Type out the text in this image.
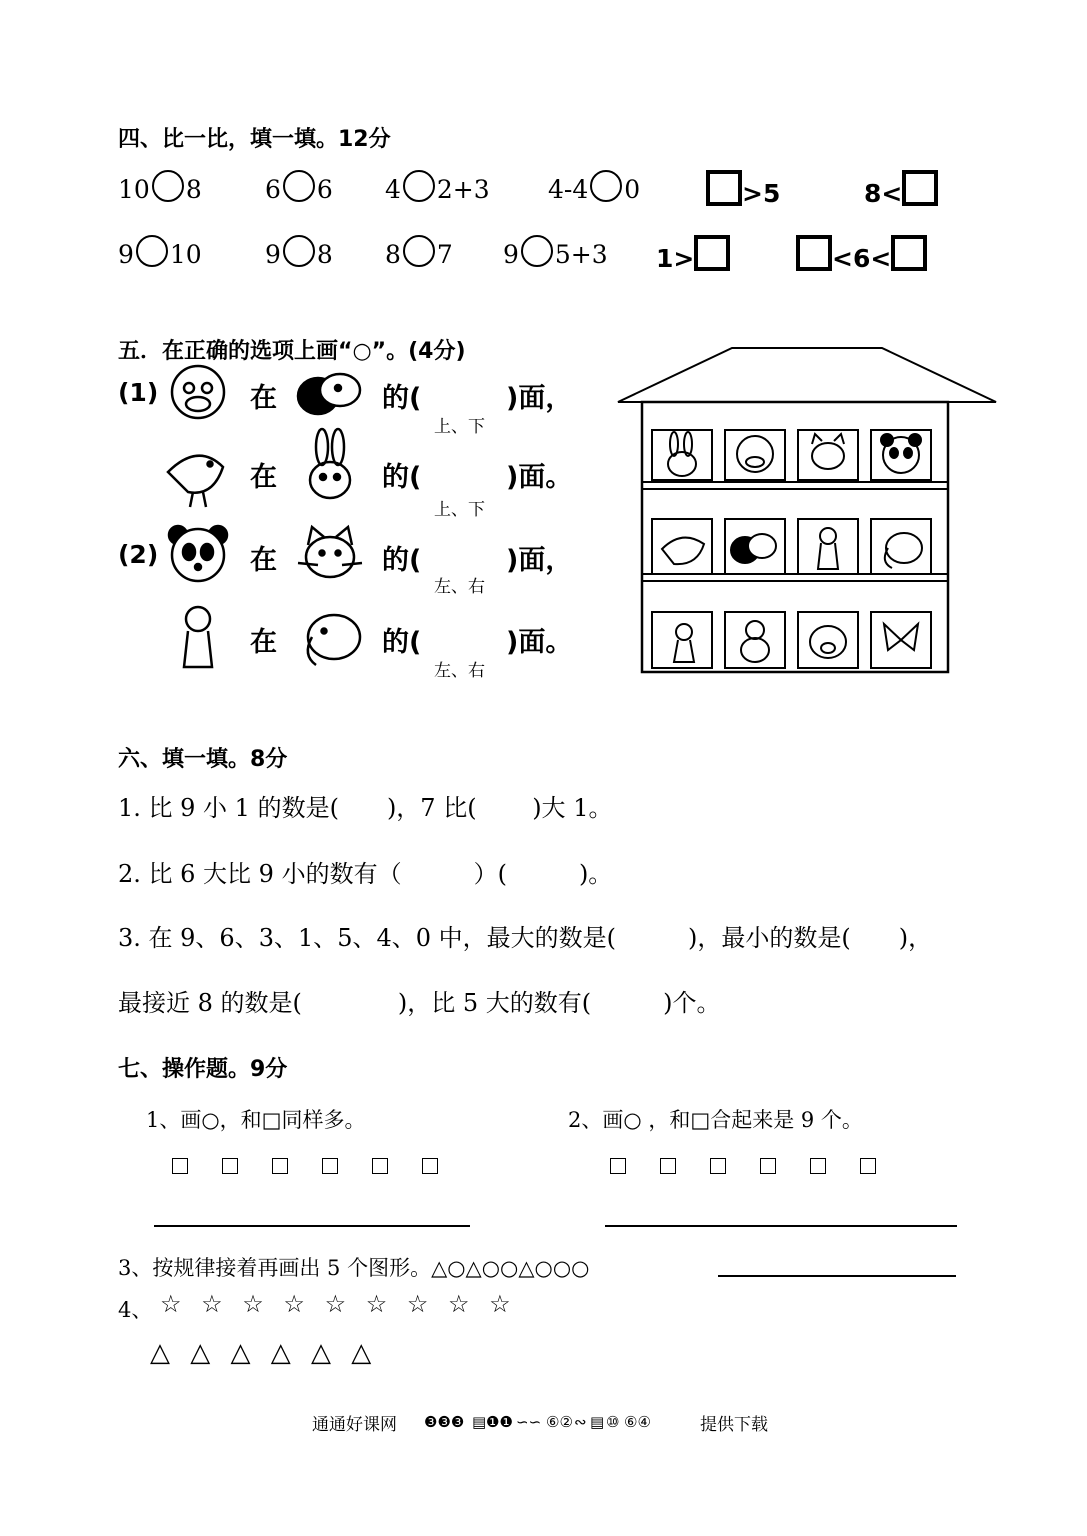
四、比一比，填一填。12分
10 8	6 6 4 2+3 4-4 0	>5	8<
9 10	9 8 8 7 9 5+3 1>	<6<
五．在正确的选项上画“○”。(4分)
(1)
(2)
在	的(	)面，
上、下
在	的(	)面。
上、下
在	的(	)面，
左、右
在	的(	)面。
左、右
六、填一填。8分
1. 比 9 小 1 的数是(　　)，7 比(　　 )大 1。
2. 比 6 大比 9 小的数有（　　　）(　　　)。
3. 在 9、6、3、1、5、4、0 中，最大的数是(　　　)，最小的数是(　　)，
最接近 8 的数是(　　　　)，比 5 大的数有(　　　)个。
七、操作题。9分
1、画○，和□同样多。	2、画○ ，和□合起来是 9 个。
3、按规律接着再画出 5 个图形。△○△○○△○○○
4、 ☆ ☆ ☆ ☆ ☆ ☆ ☆ ☆ ☆
△ △ △ △ △ △
通通好课网 ❸❸❸ ▤ ❶❶ ∽∽ ⑥② ∾ ▤ ⑩ ⑥④	提供下载
